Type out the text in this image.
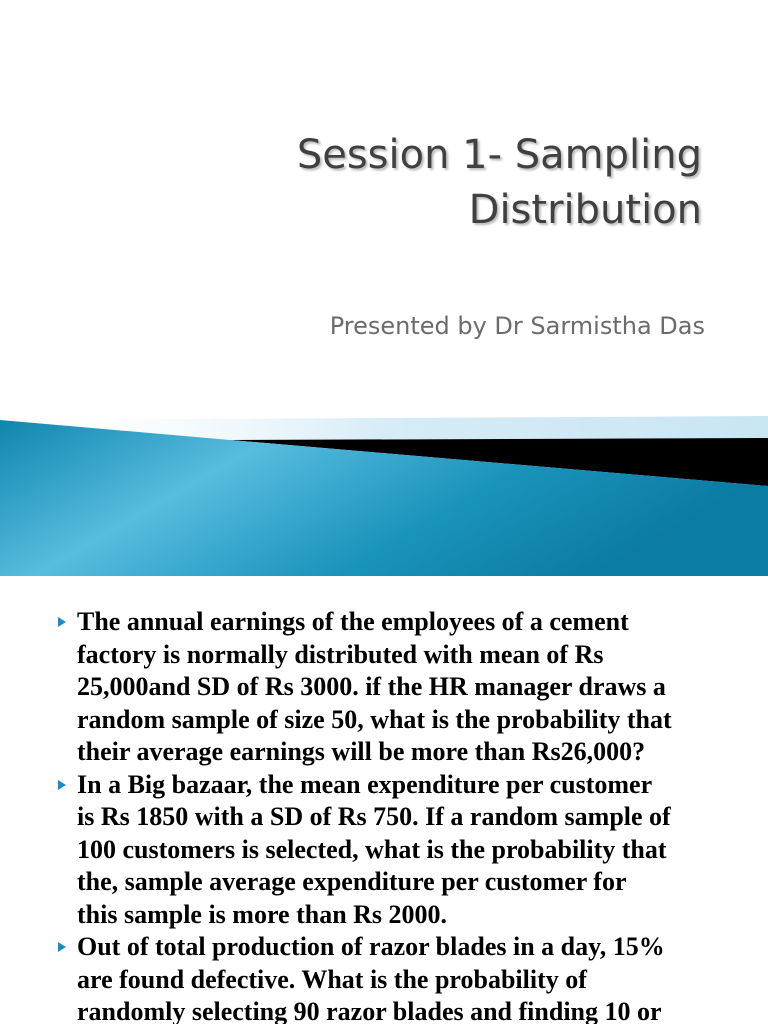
Session 1- Sampling
Distribution

Presented by Dr Sarmistha Das

The annual earnings of the employees of a cement
factory is normally distributed with mean of Rs
25,000and SD of Rs 3000. if the HR manager draws a
random sample of size 50, what is the probability that
their average earnings will be more than Rs26,000?
In a Big bazaar, the mean expenditure per customer
is Rs 1850 with a SD of Rs 750. If a random sample of
100 customers is selected, what is the probability that
the, sample average expenditure per customer for
this sample is more than Rs 2000.
Out of total production of razor blades in a day, 15%
are found defective. What is the probability of
randomly selecting 90 razor blades and finding 10 or
